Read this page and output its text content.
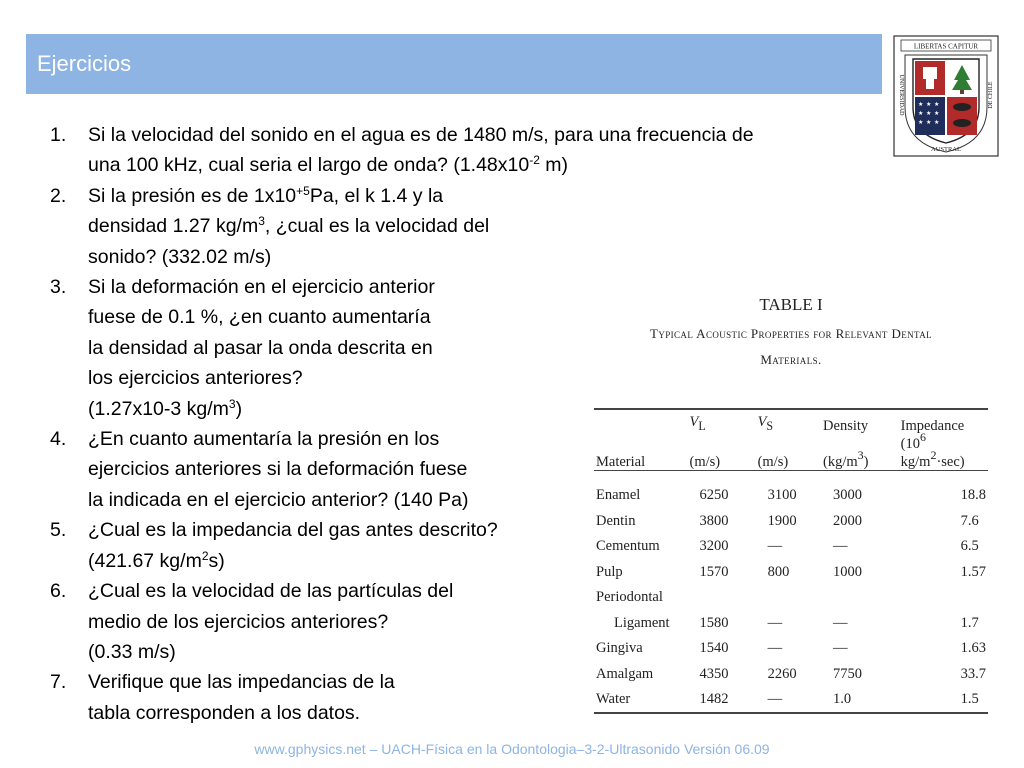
Ejercicios
LIBERTAS CAPITUR
★ ★ ★
★ ★ ★
★ ★ ★
UNIVERSIDAD
AUSTRAL
DE CHILE
1. Si la velocidad del sonido en el agua es de 1480 m/s, para una frecuencia de
una 100 kHz, cual seria el largo de onda? ($1.48x10^{-2}$ m)
2. Si la presión es de $1x10^{+5}Pa$, el k 1.4 y la
densidad 1.27 $kg/m^3$, ¿cual es la velocidad del
sonido? (332.02 m/s)
3. Si la deformación en el ejercicio anterior
fuese de 0.1 %, ¿en cuanto aumentaría
la densidad al pasar la onda descrita en
los ejercicios anteriores?
(1.27x10-3 $kg/m^3$)
4. ¿En cuanto aumentaría la presión en los
ejercicios anteriores si la deformación fuese
la indicada en el ejercicio anterior? (140 Pa)
5. ¿Cual es la impedancia del gas antes descrito?
(421.67 $kg/m^2s$)
6. ¿Cual es la velocidad de las partículas del
medio de los ejercicios anteriores?
(0.33 m/s)
7. Verifique que las impedancias de la
tabla corresponden a los datos.
TABLE I
Typical Acoustic Properties for Relevant Dental
Materials.
	$V_L$	$V_S$	Density	Impedance
Material	(m/s)	(m/s)	$(kg/m^3)$	($10^6$ $kg/m^2\cdot\sec$)

Enamel	6250	3100	3000	18.8
Dentin	3800	1900	2000	7.6
Cementum	3200	—	—	6.5
Pulp	1570	800	1000	1.57
Periodontal				
Ligament	1580	—	—	1.7
Gingiva	1540	—	—	1.63
Amalgam	4350	2260	7750	33.7
Water	1482	—	1.0	1.5
www.gphysics.net – UACH-Física en la Odontologia–3-2-Ultrasonido Versión 06.09
